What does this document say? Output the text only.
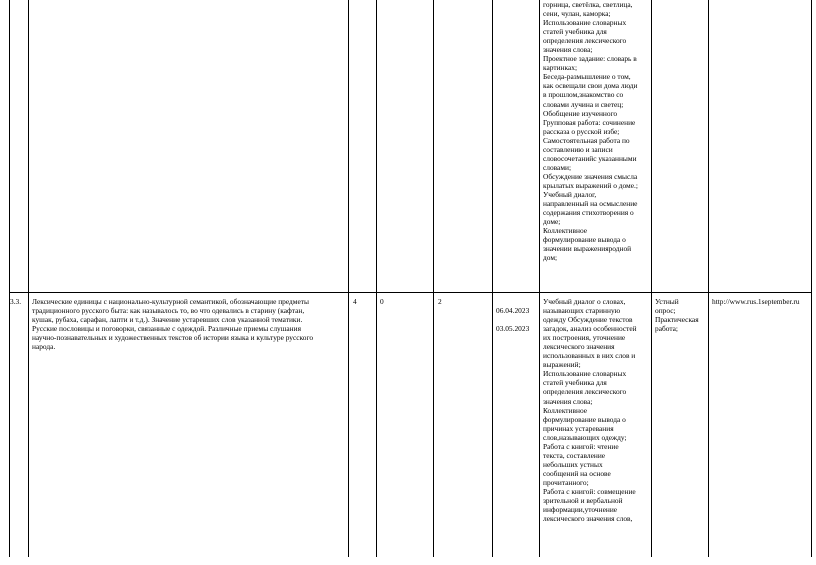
горница, светёлка, светлица,
сени, чулан, каморка;
Использование словарных
статей учебника для
определения лексического
значения слова;
Проектное задание: словарь в
картинках;
Беседа-размышление о том,
как освещали свои дома люди
в прошлом,знакомство со
словами лучина и светец;
Обобщение изученного
Групповая работа: сочинение
рассказа о русской избе;
Самостоятельная работа по
составлению и записи
словосочетанийс указанными
словами;
Обсуждение значения смысла
крылатых выражений о доме.;
Учебный диалог,
направленный на осмысление
содержания стихотворения о
доме;
Коллективное
формулирование вывода о
значении выраженияродной
дом;
3.3. Лексические единицы с национально-культурной семантикой, обозначающие предметы
традиционного русского быта: как называлось то, во что одевались в старину (кафтан,
кушак, рубаха, сарафан, лапти и т.д.). Значение устаревших слов указанной тематики.
Русские пословицы и поговорки, связанные с одеждой. Различные приемы слушания
научно-познавательных и художественных текстов об истории языка и культуре русского
народа.
4	0	2

06.04.2023

03.05.2023

Учебный диалог о словах,
называющих старинную
одежду Обсуждение текстов
загадок, анализ особенностей
их построения, уточнение
лексического значения
использованных в них слов и
выражений;
Использование словарных
статей учебника для
определения лексического
значения слова;
Коллективное
формулирование вывода о
причинах устаревания
слов,называющих одежду;
Работа с книгой: чтение
текста, составление
небольших устных
сообщений на основе
прочитанного;
Работа с книгой: совмещение
зрительной и вербальной
информации,уточнение
лексического значения слов,
Устный
опрос;
Практическая
работа;
http://www.rus.1september.ru
